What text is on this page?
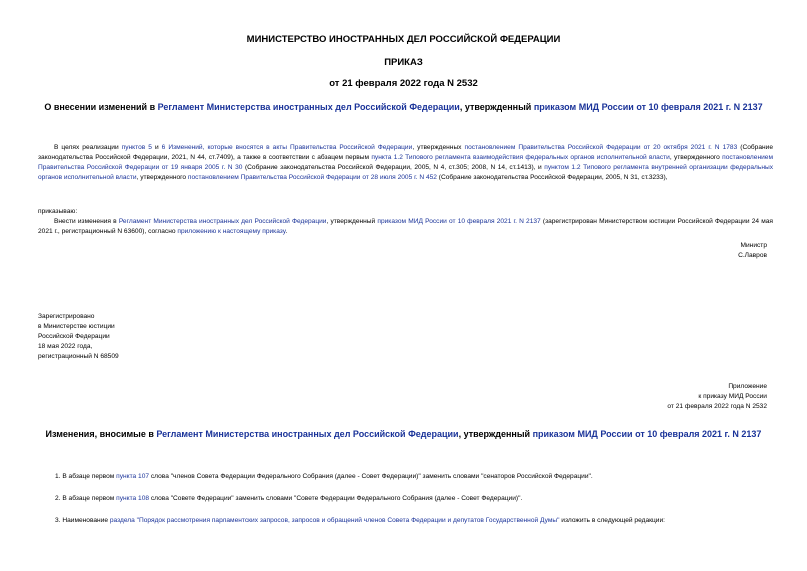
МИНИСТЕРСТВО ИНОСТРАННЫХ ДЕЛ РОССИЙСКОЙ ФЕДЕРАЦИИ
ПРИКАЗ
от 21 февраля 2022 года N 2532
О внесении изменений в Регламент Министерства иностранных дел Российской Федерации, утвержденный приказом МИД России от 10 февраля 2021 г. N 2137
В целях реализации пунктов 5 и 6 Изменений, которые вносятся в акты Правительства Российской Федерации, утвержденных постановлением Правительства Российской Федерации от 20 октября 2021 г. N 1783 (Собрание законодательства Российской Федерации, 2021, N 44, ст.7409), а также в соответствии с абзацем первым пункта 1.2 Типового регламента взаимодействия федеральных органов исполнительной власти, утвержденного постановлением Правительства Российской Федерации от 19 января 2005 г. N 30 (Собрание законодательства Российской Федерации, 2005, N 4, ст.305; 2008, N 14, ст.1413), и пунктом 1.2 Типового регламента внутренней организации федеральных органов исполнительной власти, утвержденного постановлением Правительства Российской Федерации от 28 июля 2005 г. N 452 (Собрание законодательства Российской Федерации, 2005, N 31, ст.3233),
приказываю:
Внести изменения в Регламент Министерства иностранных дел Российской Федерации, утвержденный приказом МИД России от 10 февраля 2021 г. N 2137 (зарегистрирован Министерством юстиции Российской Федерации 24 мая 2021 г., регистрационный N 63600), согласно приложению к настоящему приказу.
Министр
С.Лавров
Зарегистрировано
в Министерстве юстиции
Российской Федерации
18 мая 2022 года,
регистрационный N 68509
Приложение
к приказу МИД России
от 21 февраля 2022 года N 2532
Изменения, вносимые в Регламент Министерства иностранных дел Российской Федерации, утвержденный приказом МИД России от 10 февраля 2021 г. N 2137
1. В абзаце первом пункта 107 слова "членов Совета Федерации Федерального Собрания (далее - Совет Федерации)" заменить словами "сенаторов Российской Федерации".
2. В абзаце первом пункта 108 слова "Совете Федерации" заменить словами "Совете Федерации Федерального Собрания (далее - Совет Федерации)".
3. Наименование раздела "Порядок рассмотрения парламентских запросов, запросов и обращений членов Совета Федерации и депутатов Государственной Думы" изложить в следующей редакции:
